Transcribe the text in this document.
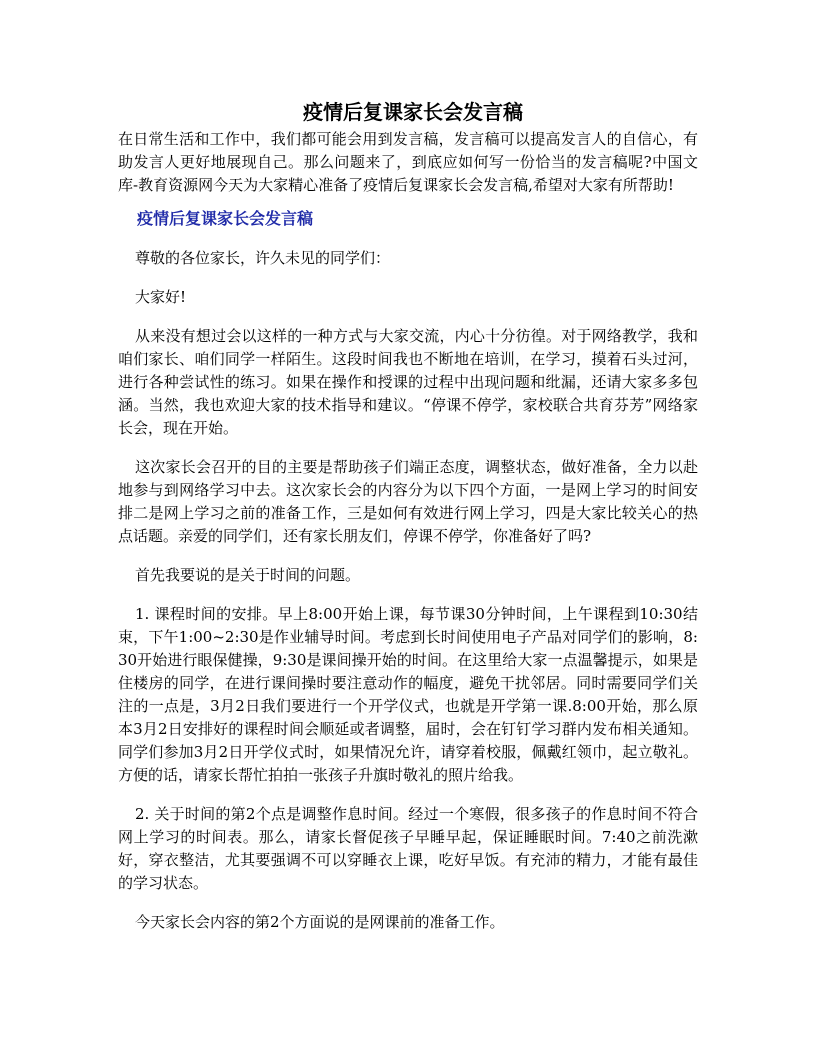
疫情后复课家长会发言稿

在日常生活和工作中，我们都可能会用到发言稿，发言稿可以提高发言人的自信心，有助发言人更好地展现自己。那么问题来了，到底应如何写一份恰当的发言稿呢?中国文库-教育资源网今天为大家精心准备了疫情后复课家长会发言稿,希望对大家有所帮助!

疫情后复课家长会发言稿

尊敬的各位家长，许久未见的同学们：

大家好!

从来没有想过会以这样的一种方式与大家交流，内心十分彷徨。对于网络教学，我和咱们家长、咱们同学一样陌生。这段时间我也不断地在培训，在学习，摸着石头过河，进行各种尝试性的练习。如果在操作和授课的过程中出现问题和纰漏，还请大家多多包涵。当然，我也欢迎大家的技术指导和建议。“停课不停学，家校联合共育芬芳”网络家长会，现在开始。

这次家长会召开的目的主要是帮助孩子们端正态度，调整状态，做好准备，全力以赴地参与到网络学习中去。这次家长会的内容分为以下四个方面，一是网上学习的时间安排二是网上学习之前的准备工作，三是如何有效进行网上学习，四是大家比较关心的热点话题。亲爱的同学们，还有家长朋友们，停课不停学，你准备好了吗?

首先我要说的是关于时间的问题。

1. 课程时间的安排。早上8:00开始上课，每节课30分钟时间，上午课程到10:30结束，下午1:00~2:30是作业辅导时间。考虑到长时间使用电子产品对同学们的影响，8:30开始进行眼保健操，9:30是课间操开始的时间。在这里给大家一点温馨提示，如果是住楼房的同学，在进行课间操时要注意动作的幅度，避免干扰邻居。同时需要同学们关注的一点是，3月2日我们要进行一个开学仪式，也就是开学第一课.8:00开始，那么原本3月2日安排好的课程时间会顺延或者调整，届时，会在钉钉学习群内发布相关通知。同学们参加3月2日开学仪式时，如果情况允许，请穿着校服，佩戴红领巾，起立敬礼。方便的话，请家长帮忙拍拍一张孩子升旗时敬礼的照片给我。

2. 关于时间的第2个点是调整作息时间。经过一个寒假，很多孩子的作息时间不符合网上学习的时间表。那么，请家长督促孩子早睡早起，保证睡眠时间。7:40之前洗漱好，穿衣整洁，尤其要强调不可以穿睡衣上课，吃好早饭。有充沛的精力，才能有最佳的学习状态。

今天家长会内容的第2个方面说的是网课前的准备工作。
